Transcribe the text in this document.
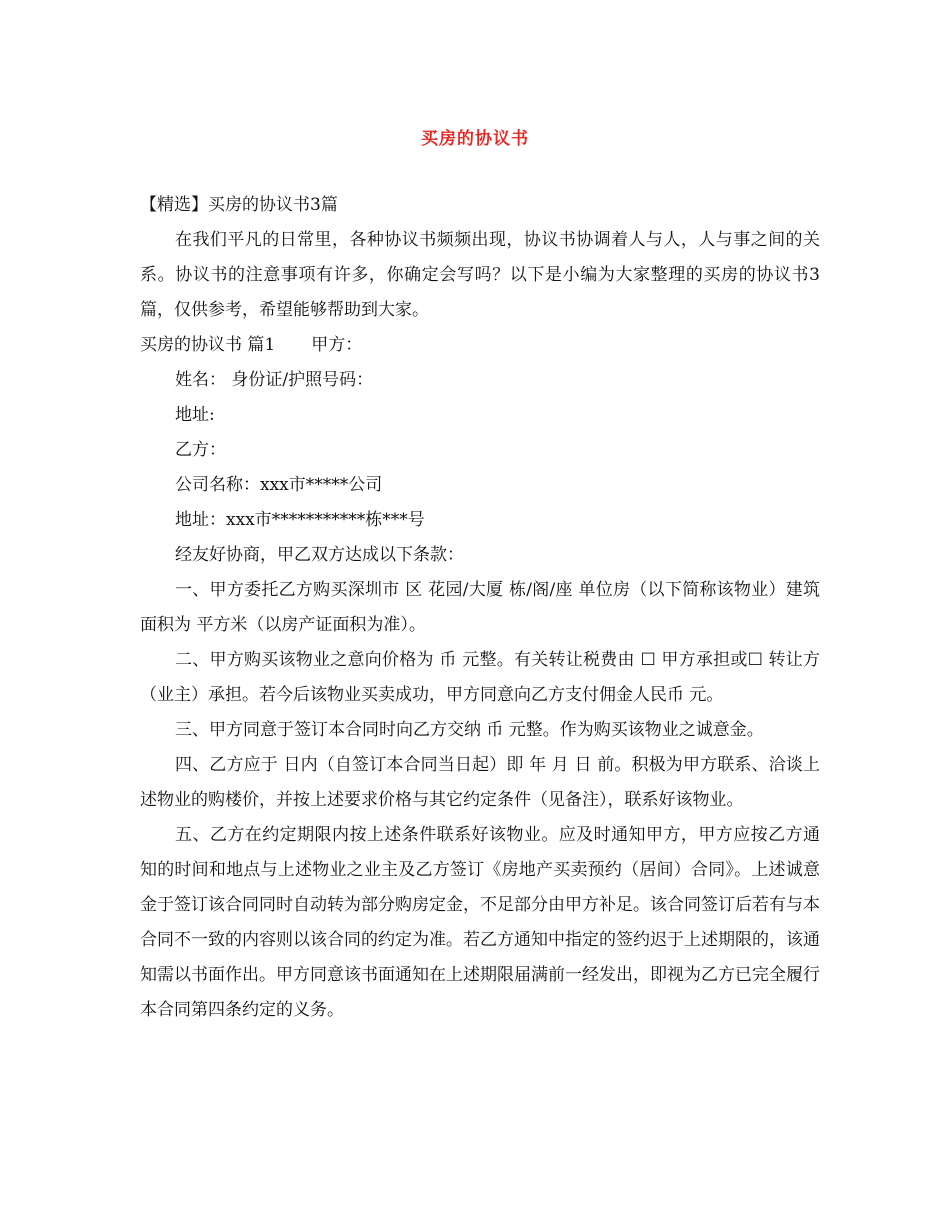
买房的协议书

【精选】买房的协议书3篇

在我们平凡的日常里，各种协议书频频出现，协议书协调着人与人，人与事之间的关系。协议书的注意事项有许多，你确定会写吗？以下是小编为大家整理的买房的协议书3篇，仅供参考，希望能够帮助到大家。

买房的协议书 篇1 甲方：

姓名： 身份证/护照号码：

地址:

乙方：

公司名称：xxx市*****公司

地址：xxx市***********栋***号

经友好协商，甲乙双方达成以下条款：

一、甲方委托乙方购买深圳市 区 花园/大厦 栋/阁/座 单位房（以下简称该物业）建筑面积为 平方米（以房产证面积为准）。

二、甲方购买该物业之意向价格为 币 元整。有关转让税费由 ☐ 甲方承担或☐ 转让方（业主）承担。若今后该物业买卖成功，甲方同意向乙方支付佣金人民币 元。

三、甲方同意于签订本合同时向乙方交纳 币 元整。作为购买该物业之诚意金。

四、乙方应于 日内（自签订本合同当日起）即 年 月 日 前。积极为甲方联系、洽谈上述物业的购楼价，并按上述要求价格与其它约定条件（见备注），联系好该物业。

五、乙方在约定期限内按上述条件联系好该物业。应及时通知甲方，甲方应按乙方通知的时间和地点与上述物业之业主及乙方签订《房地产买卖预约（居间）合同》。上述诚意金于签订该合同同时自动转为部分购房定金，不足部分由甲方补足。该合同签订后若有与本合同不一致的内容则以该合同的约定为准。若乙方通知中指定的签约迟于上述期限的，该通知需以书面作出。甲方同意该书面通知在上述期限届满前一经发出，即视为乙方已完全履行本合同第四条约定的义务。
